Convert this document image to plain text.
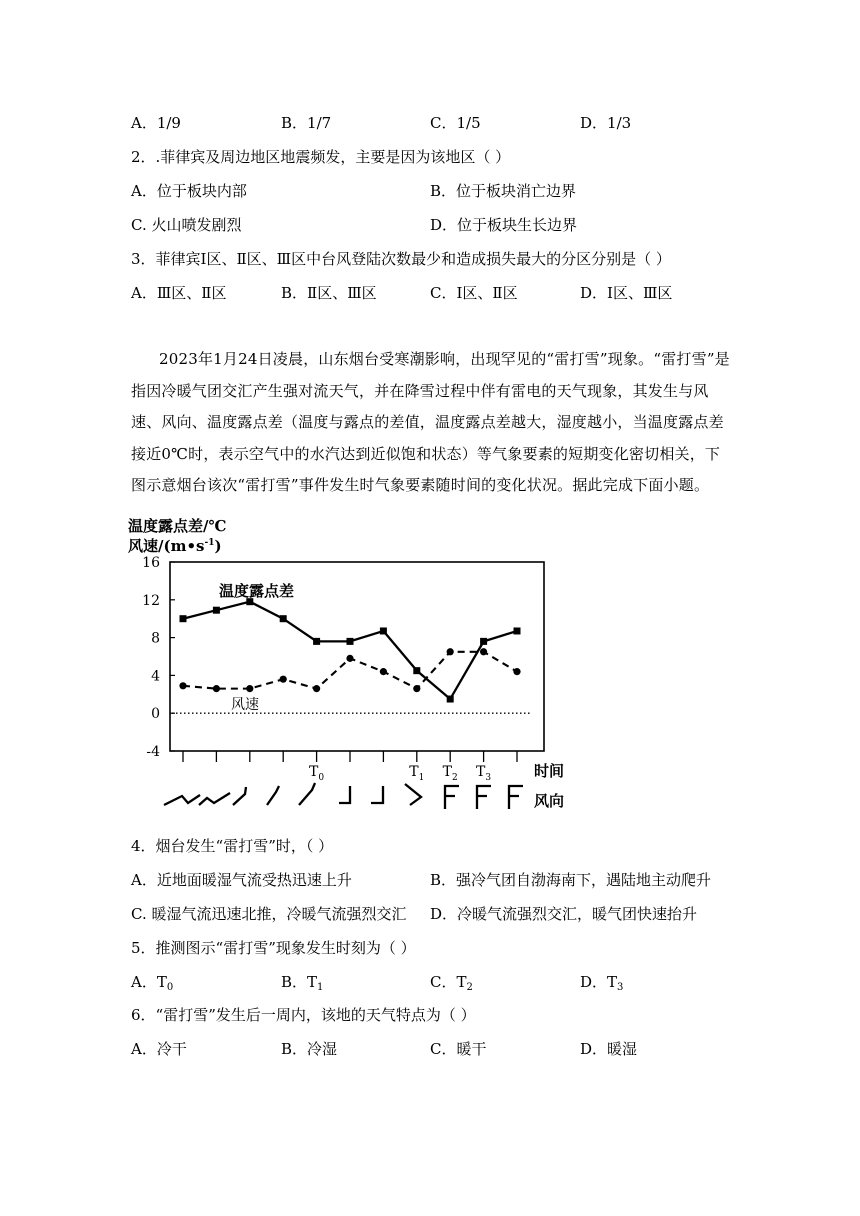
A．1/9	B．1/7	C．1/5	D．1/3
2．.菲律宾及周边地区地震频发，主要是因为该地区（ ）
A．位于板块内部	B．位于板块消亡边界
C. 火山喷发剧烈	D．位于板块生长边界
3．菲律宾Ⅰ区、Ⅱ区、Ⅲ区中台风登陆次数最少和造成损失最大的分区分别是（ ）
A．Ⅲ区、Ⅱ区	B．Ⅱ区、Ⅲ区	C．Ⅰ区、Ⅱ区	D．Ⅰ区、Ⅲ区
2023年1月24日凌晨，山东烟台受寒潮影响，出现罕见的“雷打雪”现象。“雷打雪”是指因冷暖气团交汇产生强对流天气，并在降雪过程中伴有雷电的天气现象，其发生与风速、风向、温度露点差（温度与露点的差值，温度露点差越大，湿度越小，当温度露点差接近0℃时，表示空气中的水汽达到近似饱和状态）等气象要素的短期变化密切相关，下图示意烟台该次“雷打雪”事件发生时气象要素随时间的变化状况。据此完成下面小题。
温度露点差/℃
风速$/(m•s^{-1})$
16
12
8
4
0
-4
$T_0$	$T_1$ $T_2$ $T_3$	时间
风向
温度露点差
风速
4．烟台发生“雷打雪”时，（ ）
A．近地面暖湿气流受热迅速上升	B．强冷气团自渤海南下，遇陆地主动爬升
C. 暖湿气流迅速北推，冷暖气流强烈交汇 D．冷暖气流强烈交汇，暖气团快速抬升
5．推测图示“雷打雪”现象发生时刻为（ ）
A．$T_0$	B．$T_1$	C．$T_2$	D．$T_3$
6．“雷打雪”发生后一周内，该地的天气特点为（ ）
A．冷干	B．冷湿	C．暖干	D．暖湿
